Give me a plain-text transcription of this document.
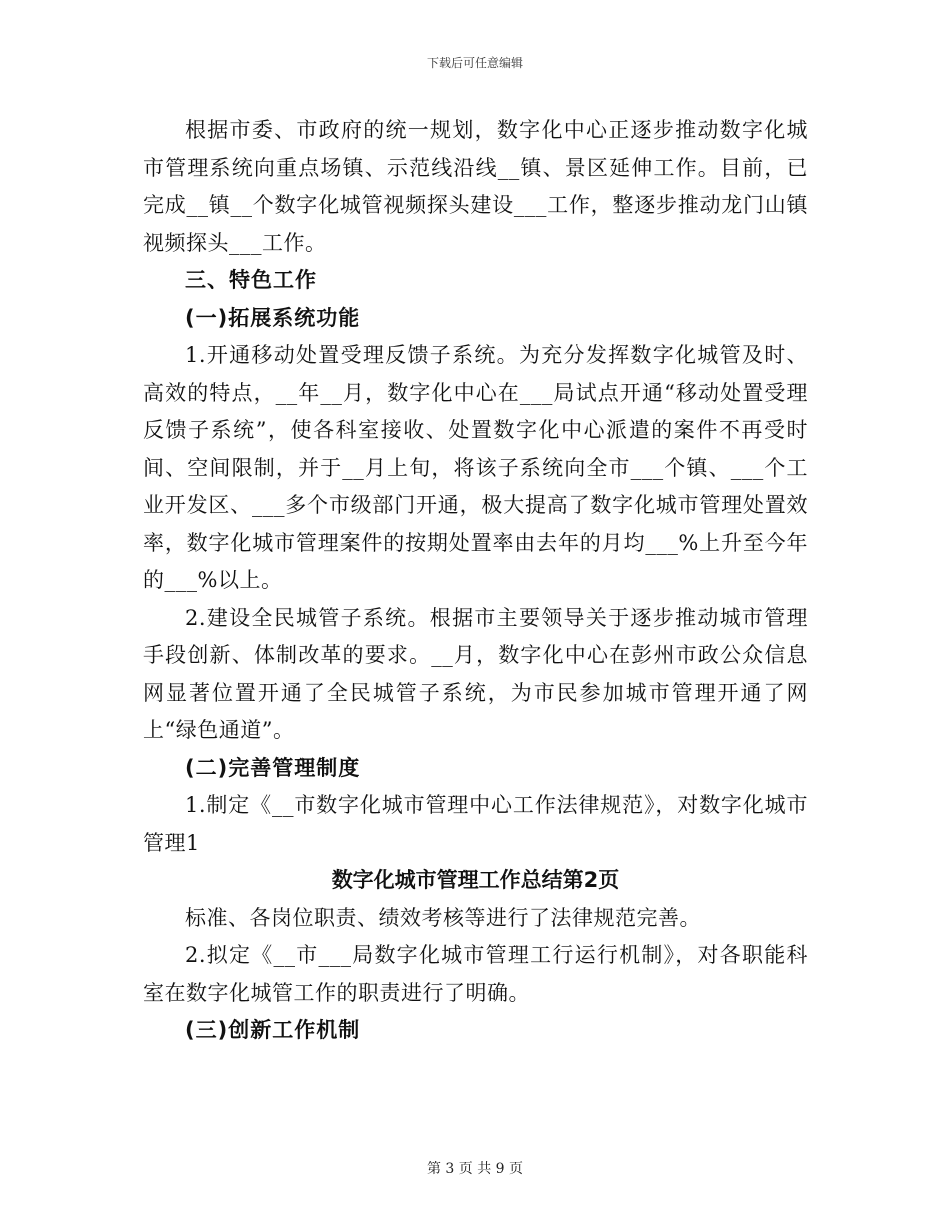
下载后可任意编辑

根据市委、市政府的统一规划，数字化中心正逐步推动数字化城市管理系统向重点场镇、示范线沿线__镇、景区延伸工作。目前，已完成__镇__个数字化城管视频探头建设___工作，整逐步推动龙门山镇视频探头___工作。

三、特色工作

(一)拓展系统功能

1.开通移动处置受理反馈子系统。为充分发挥数字化城管及时、高效的特点，__年__月，数字化中心在___局试点开通“移动处置受理反馈子系统”，使各科室接收、处置数字化中心派遣的案件不再受时间、空间限制，并于__月上旬，将该子系统向全市___个镇、___个工业开发区、___多个市级部门开通，极大提高了数字化城市管理处置效率，数字化城市管理案件的按期处置率由去年的月均___%上升至今年的___%以上。

2.建设全民城管子系统。根据市主要领导关于逐步推动城市管理手段创新、体制改革的要求。__月，数字化中心在彭州市政公众信息网显著位置开通了全民城管子系统，为市民参加城市管理开通了网上“绿色通道”。

(二)完善管理制度

1.制定《__市数字化城市管理中心工作法律规范》，对数字化城市管理1

数字化城市管理工作总结第2页

标准、各岗位职责、绩效考核等进行了法律规范完善。

2.拟定《__市___局数字化城市管理工行运行机制》，对各职能科室在数字化城管工作的职责进行了明确。

(三)创新工作机制

第 3 页 共 9 页
